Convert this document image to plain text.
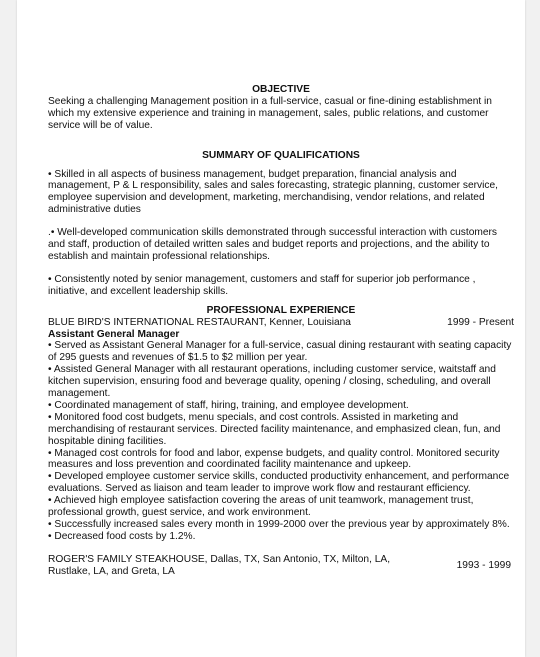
OBJECTIVE

Seeking a challenging Management position in a full-service, casual or fine-dining establishment in which my extensive experience and training in management, sales, public relations, and customer service will be of value.

SUMMARY OF QUALIFICATIONS

• Skilled in all aspects of business management, budget preparation, financial analysis and management, P & L responsibility, sales and sales forecasting, strategic planning, customer service, employee supervision and development, marketing, merchandising, vendor relations, and related administrative duties

.• Well-developed communication skills demonstrated through successful interaction with customers and staff, production of detailed written sales and budget reports and projections, and the ability to establish and maintain professional relationships.

• Consistently noted by senior management, customers and staff for superior job performance , initiative, and excellent leadership skills.

PROFESSIONAL EXPERIENCE

BLUE BIRD'S INTERNATIONAL RESTAURANT, Kenner, Louisiana	1999 - Present

Assistant General Manager

• Served as Assistant General Manager for a full-service, casual dining restaurant with seating capacity of 295 guests and revenues of $1.5 to $2 million per year.

• Assisted General Manager with all restaurant operations, including customer service, waitstaff and kitchen supervision, ensuring food and beverage quality, opening / closing, scheduling, and overall management.

• Coordinated management of staff, hiring, training, and employee development.

• Monitored food cost budgets, menu specials, and cost controls. Assisted in marketing and merchandising of restaurant services. Directed facility maintenance, and emphasized clean, fun, and hospitable dining facilities.

• Managed cost controls for food and labor, expense budgets, and quality control. Monitored security measures and loss prevention and coordinated facility maintenance and upkeep.

• Developed employee customer service skills, conducted productivity enhancement, and performance evaluations. Served as liaison and team leader to improve work flow and restaurant efficiency.

• Achieved high employee satisfaction covering the areas of unit teamwork, management trust, professional growth, guest service, and work environment.

• Successfully increased sales every month in 1999-2000 over the previous year by approximately 8%.

• Decreased food costs by 1.2%.

ROGER'S FAMILY STEAKHOUSE, Dallas, TX, San Antonio, TX, Milton, LA, Rustlake, LA, and Greta, LA
1993 - 1999
